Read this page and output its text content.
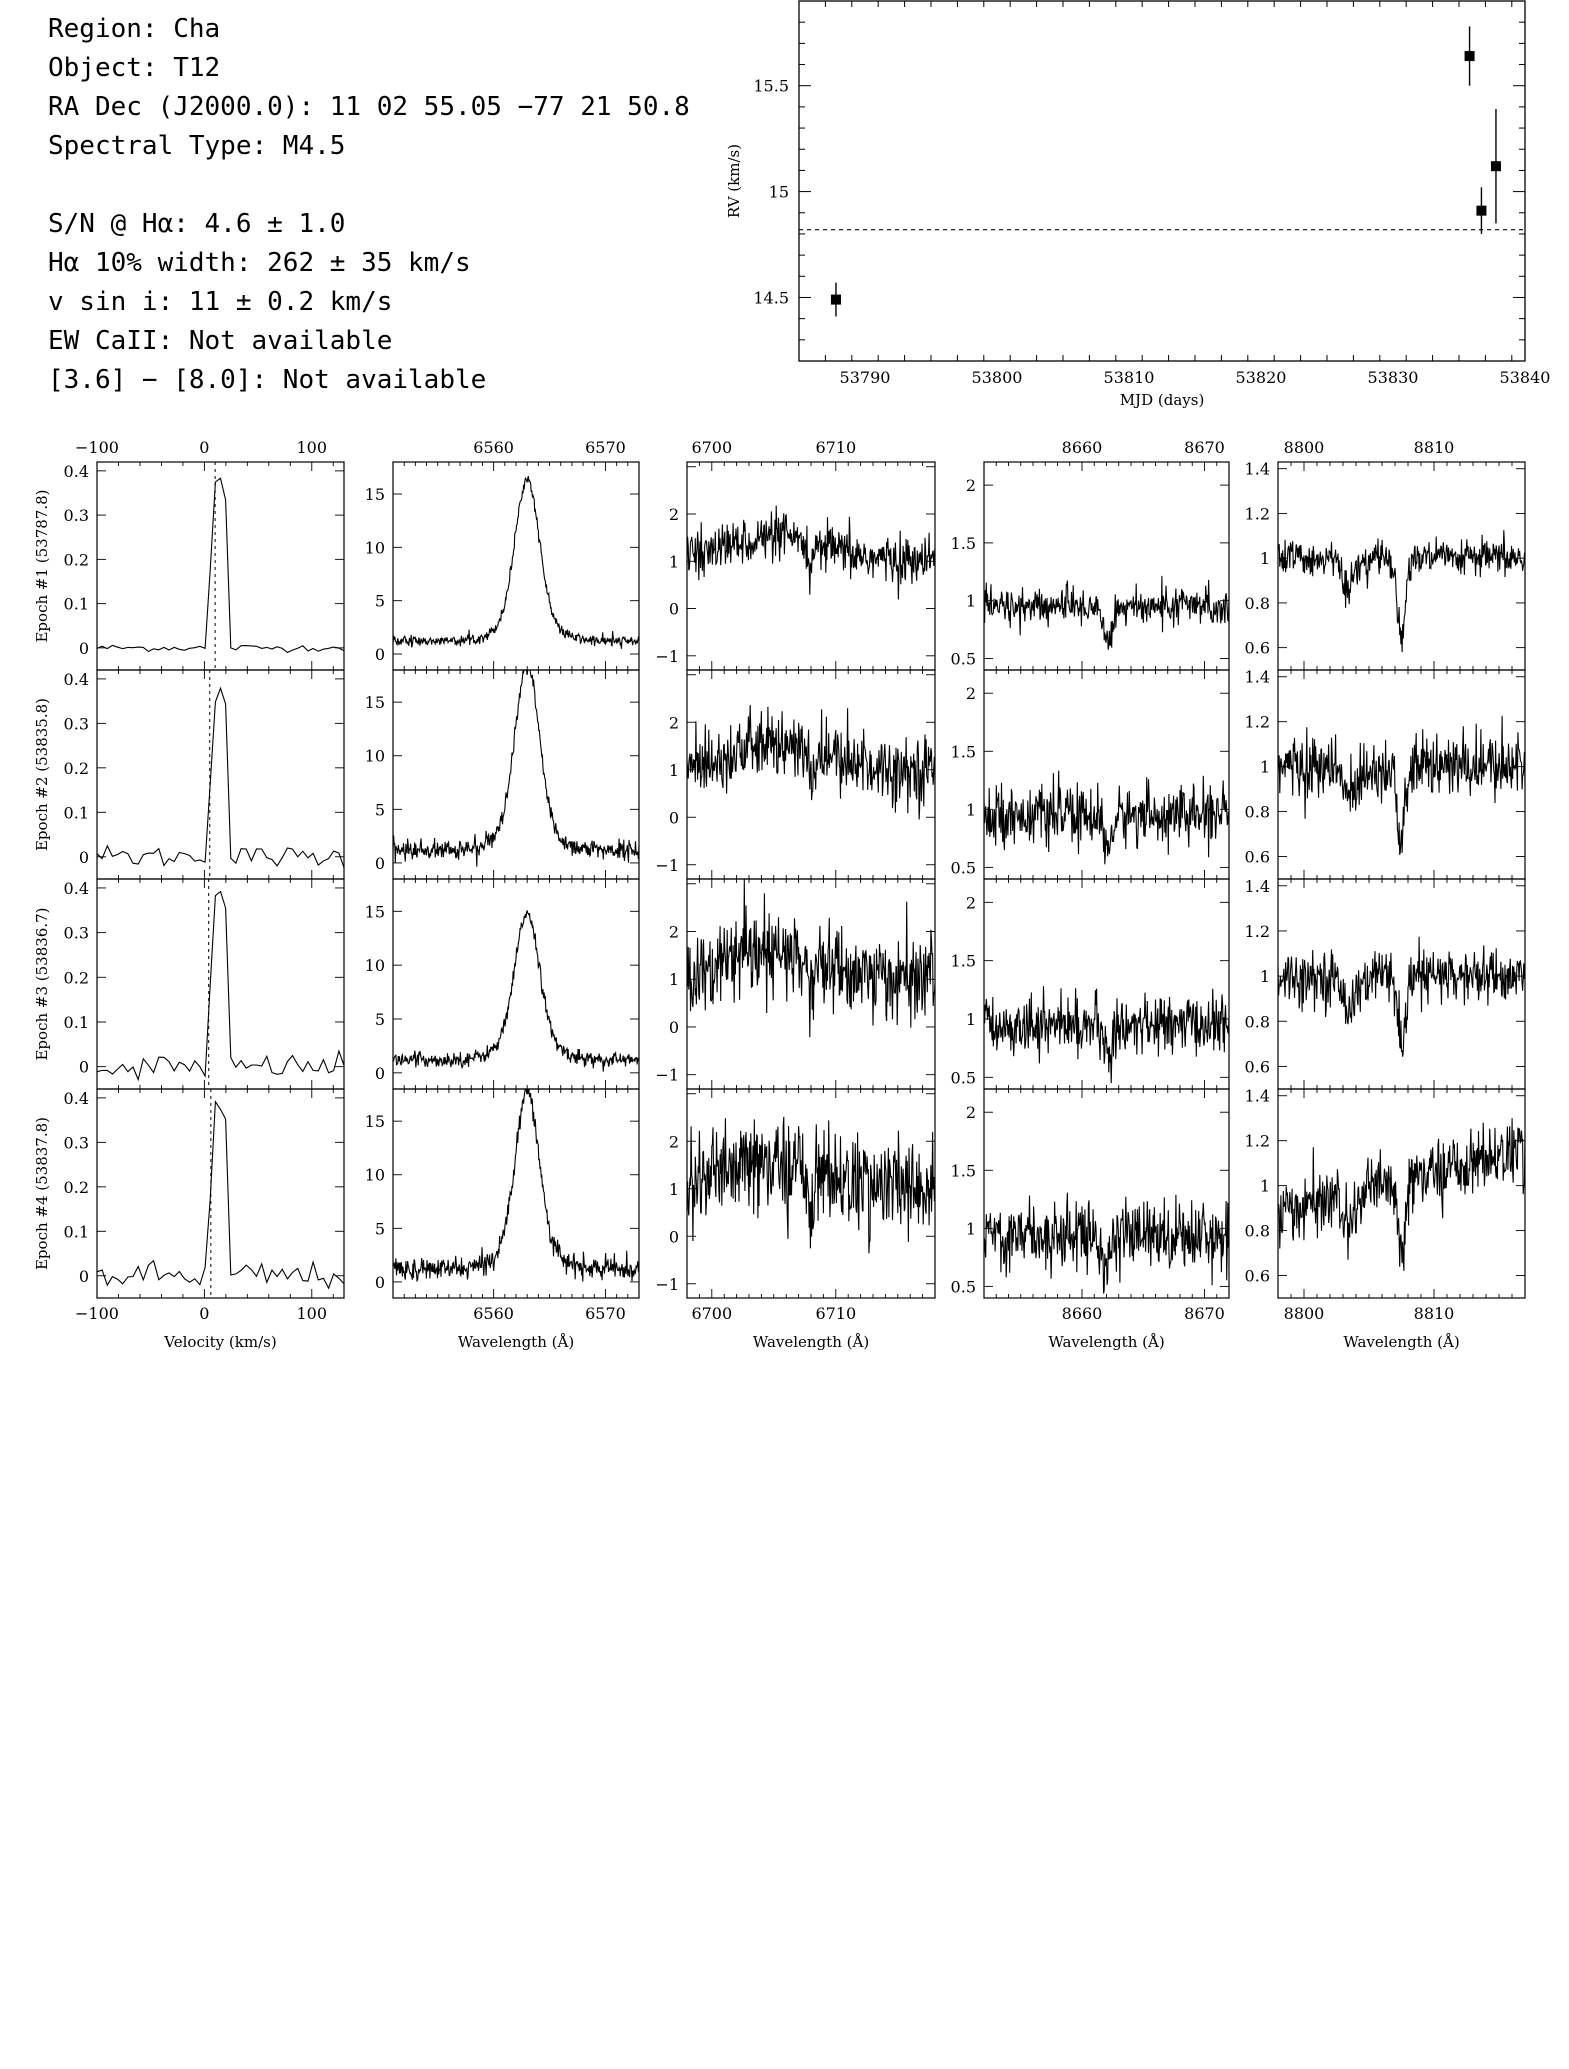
Region: Cha
Object: T12
RA Dec (J2000.0): 11 02 55.05 −77 21 50.8
Spectral Type: M4.5
S/N @ Hα: 4.6 ± 1.0
Hα 10% width: 262 ± 35 km/s
v sin i: 11 ± 0.2 km/s
EW CaII: Not available
[3.6] − [8.0]: Not available	53790	53800	53810	53820	53830	53840
14.5
15
15.5
MJD (days)
RV (km/s)
−100	0	100
−100	0	100
Velocity (km/s)
0
0.1
0.2
0.3
0.4
0
0.1
0.2
0.3
0.4
0
0.1
0.2
0.3
0.4
0
0.1
0.2
0.3
0.4
6560	6570
6560	6570
Wavelength (Å)
0
5
10
15
0
5
10
15
0
5
10
15
0
5
10
15
6700	6710
6700	6710
Wavelength (Å)
−1
0
1
2
−1
0
1
2
−1
0
1
2
−1
0
1
2
8660	8670
8660	8670
Wavelength (Å)
0.5
1
1.5
2
0.5
1
1.5
2
0.5
1
1.5
2
0.5
1
1.5
2
8800	8810
8800	8810
Wavelength (Å)
0.6
0.8
1
1.2
1.4
0.6
0.8
1
1.2
1.4
0.6
0.8
1
1.2
1.4
0.6
0.8
1
1.2
1.4
Epoch #1 (53787.8)
Epoch #2 (53835.8)
Epoch #3 (53836.7)
Epoch #4 (53837.8)
